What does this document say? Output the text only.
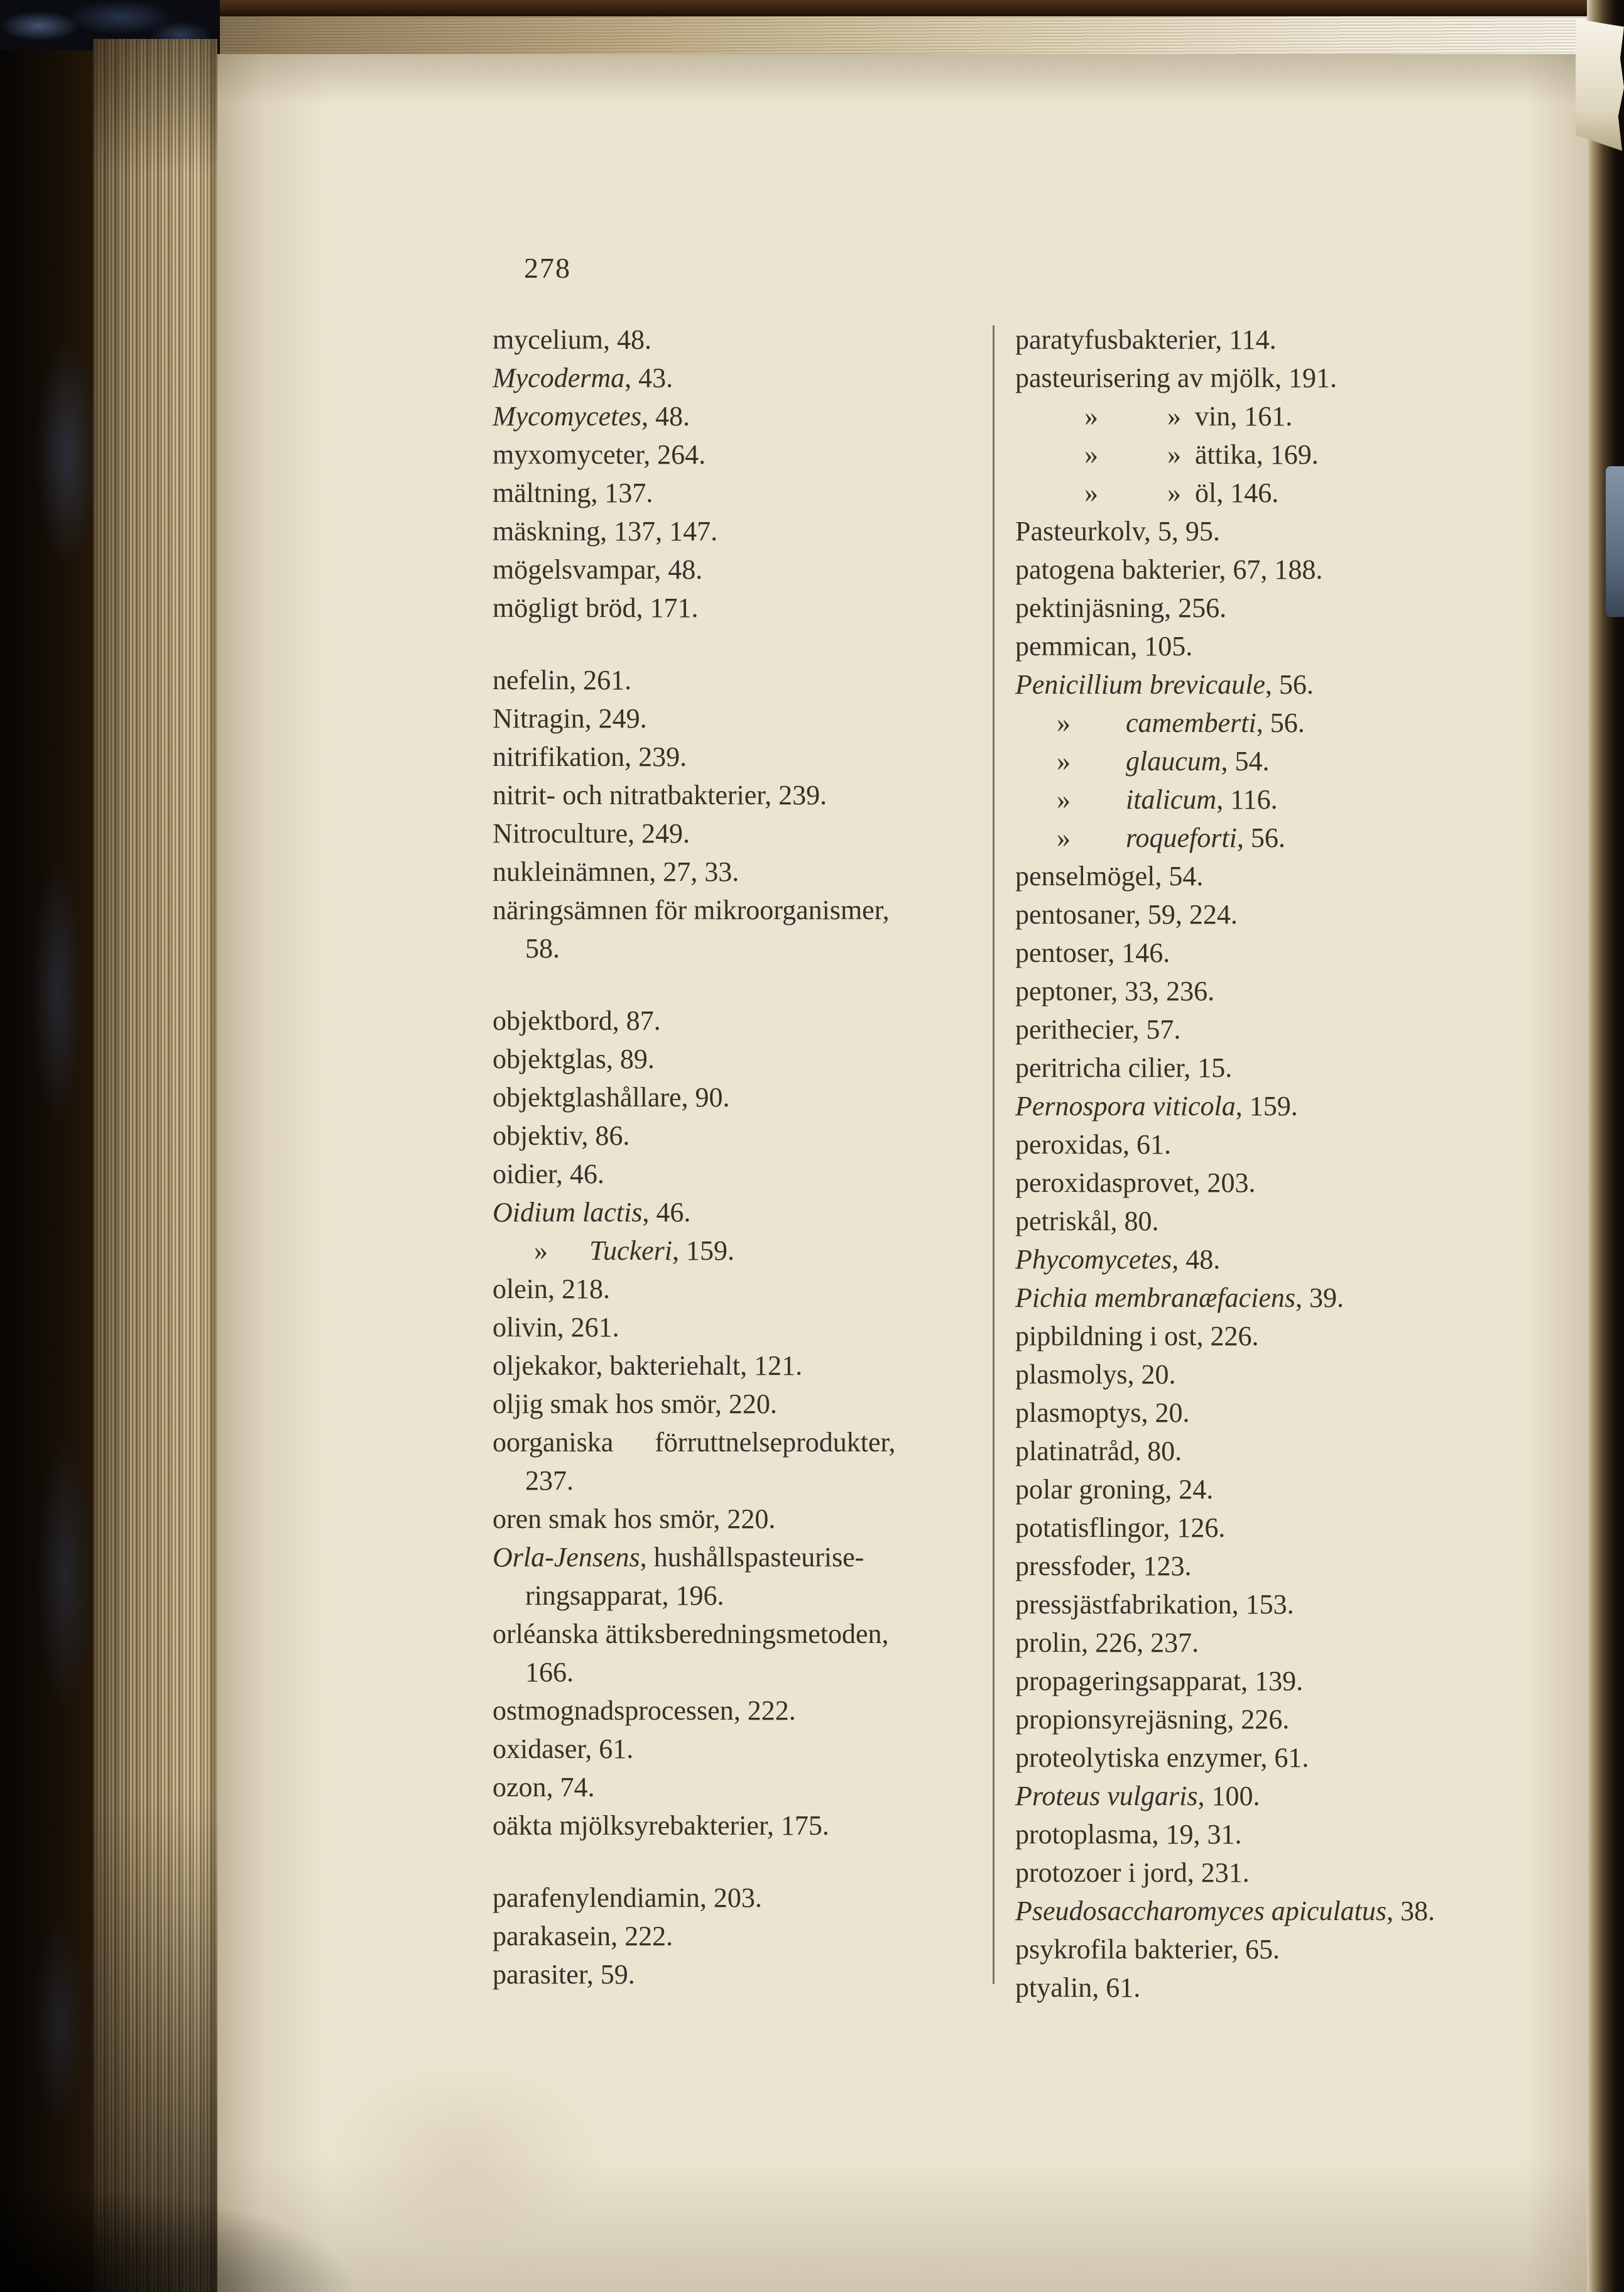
278
mycelium, 48.
Mycoderma, 43.
Mycomycetes, 48.
myxomyceter, 264.
mältning, 137.
mäskning, 137, 147.
mögelsvampar, 48.
mögligt bröd, 171.
nefelin, 261.
Nitragin, 249.
nitrifikation, 239.
nitrit- och nitratbakterier, 239.
Nitroculture, 249.
nukleinämnen, 27, 33.
näringsämnen för mikroorganismer,
58.
objektbord, 87.
objektglas, 89.
objektglashållare, 90.
objektiv, 86.
oidier, 46.
Oidium lactis, 46.
»      Tuckeri, 159.
olein, 218.
olivin, 261.
oljekakor, bakteriehalt, 121.
oljig smak hos smör, 220.
oorganiska      förruttnelseprodukter,
237.
oren smak hos smör, 220.
Orla-Jensens, hushållspasteurise-
ringsapparat, 196.
orléanska ättiksberedningsmetoden,
166.
ostmognadsprocessen, 222.
oxidaser, 61.
ozon, 74.
oäkta mjölksyrebakterier, 175.
parafenylendiamin, 203.
parakasein, 222.
parasiter, 59.
paratyfusbakterier, 114.
pasteurisering av mjölk, 191.
»          »  vin, 161.
»          »  ättika, 169.
»          »  öl, 146.
Pasteurkolv, 5, 95.
patogena bakterier, 67, 188.
pektinjäsning, 256.
pemmican, 105.
Penicillium brevicaule, 56.
»        camemberti, 56.
»        glaucum, 54.
»        italicum, 116.
»        roqueforti, 56.
penselmögel, 54.
pentosaner, 59, 224.
pentoser, 146.
peptoner, 33, 236.
perithecier, 57.
peritricha cilier, 15.
Pernospora viticola, 159.
peroxidas, 61.
peroxidasprovet, 203.
petriskål, 80.
Phycomycetes, 48.
Pichia membranæfaciens, 39.
pipbildning i ost, 226.
plasmolys, 20.
plasmoptys, 20.
platinatråd, 80.
polar groning, 24.
potatisflingor, 126.
pressfoder, 123.
pressjästfabrikation, 153.
prolin, 226, 237.
propageringsapparat, 139.
propionsyrejäsning, 226.
proteolytiska enzymer, 61.
Proteus vulgaris, 100.
protoplasma, 19, 31.
protozoer i jord, 231.
Pseudosaccharomyces apiculatus, 38.
psykrofila bakterier, 65.
ptyalin, 61.
